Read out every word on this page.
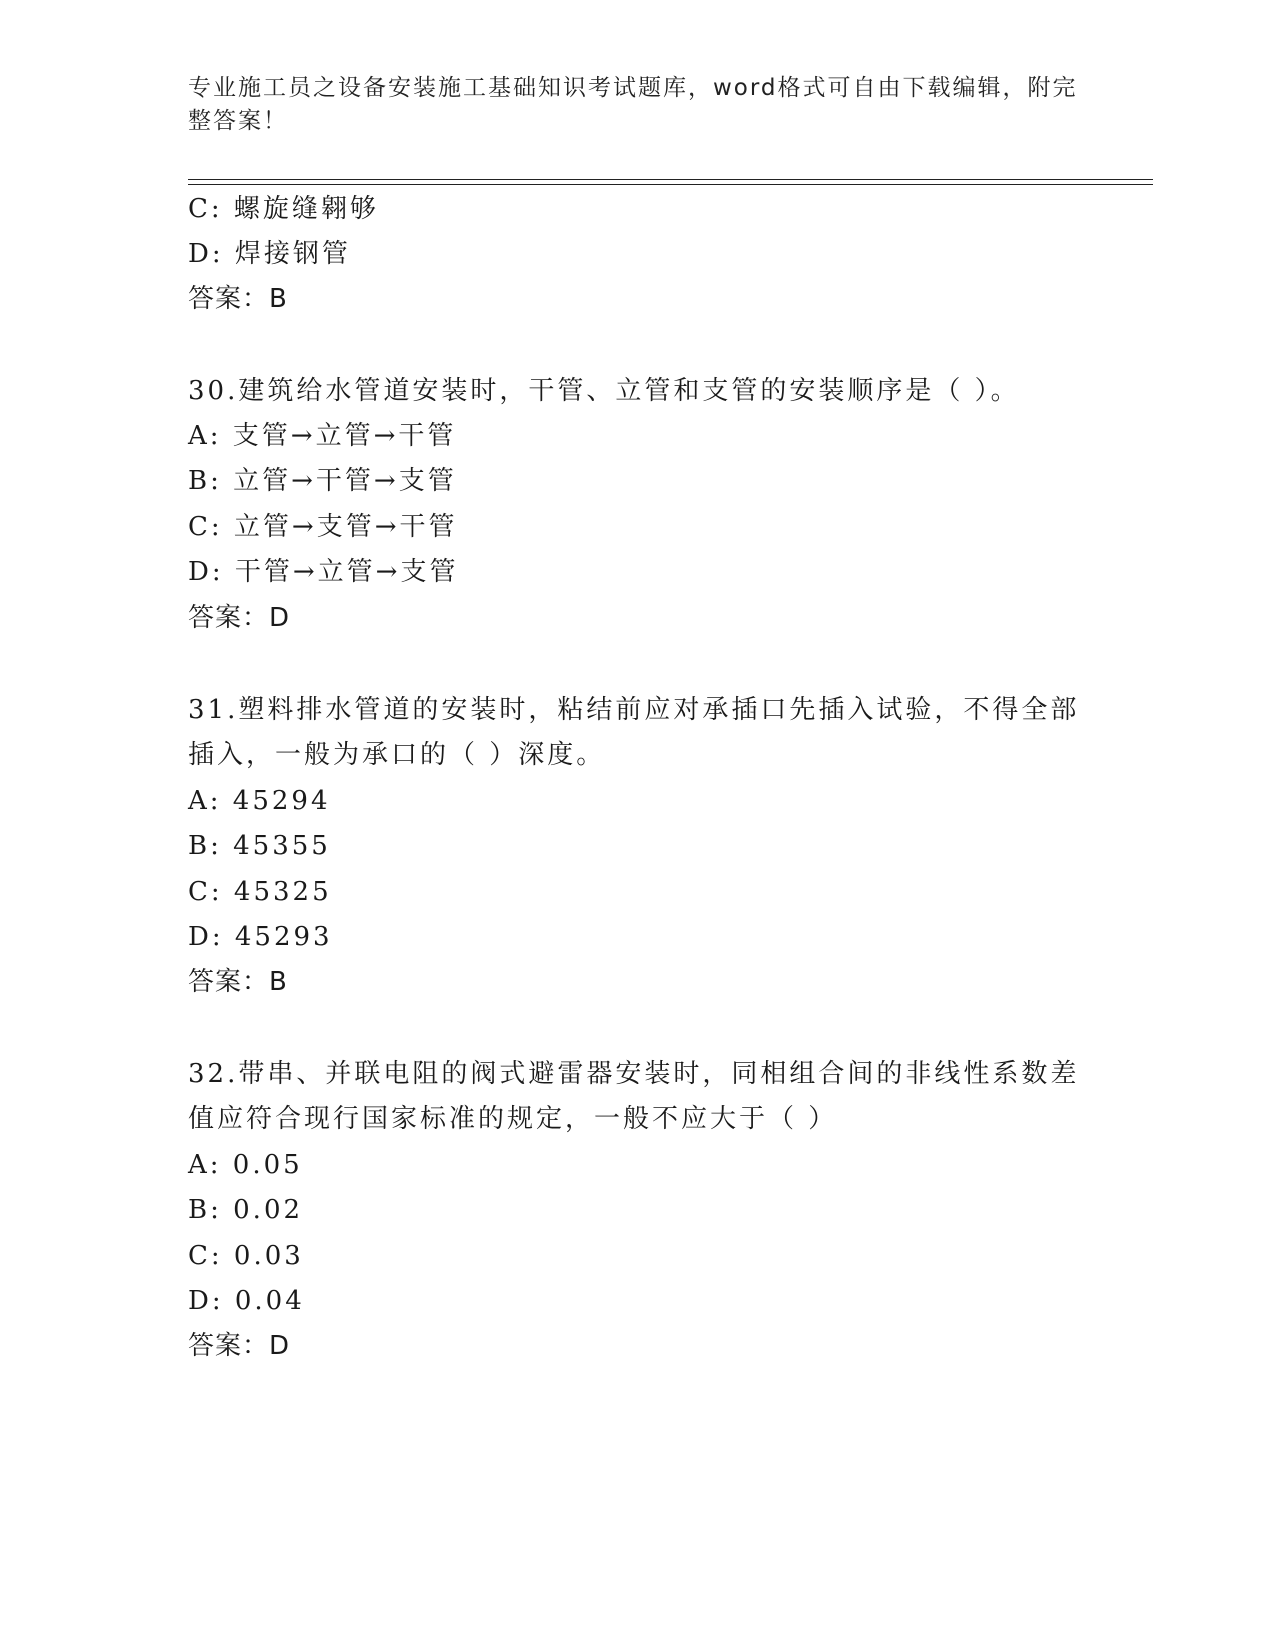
专业施工员之设备安装施工基础知识考试题库，word格式可自由下载编辑，附完
整答案！
C: 螺旋缝翱够
D: 焊接钢管
答案：B
30.建筑给水管道安装时，干管、立管和支管的安装顺序是（ ）。
A: 支管→立管→干管
B: 立管→干管→支管
C: 立管→支管→干管
D: 干管→立管→支管
答案：D
31.塑料排水管道的安装时，粘结前应对承插口先插入试验，不得全部
插入，一般为承口的（ ）深度。
A: 45294
B: 45355
C: 45325
D: 45293
答案：B
32.带串、并联电阻的阀式避雷器安装时，同相组合间的非线性系数差
值应符合现行国家标准的规定，一般不应大于（ ）
A: 0.05
B: 0.02
C: 0.03
D: 0.04
答案：D
